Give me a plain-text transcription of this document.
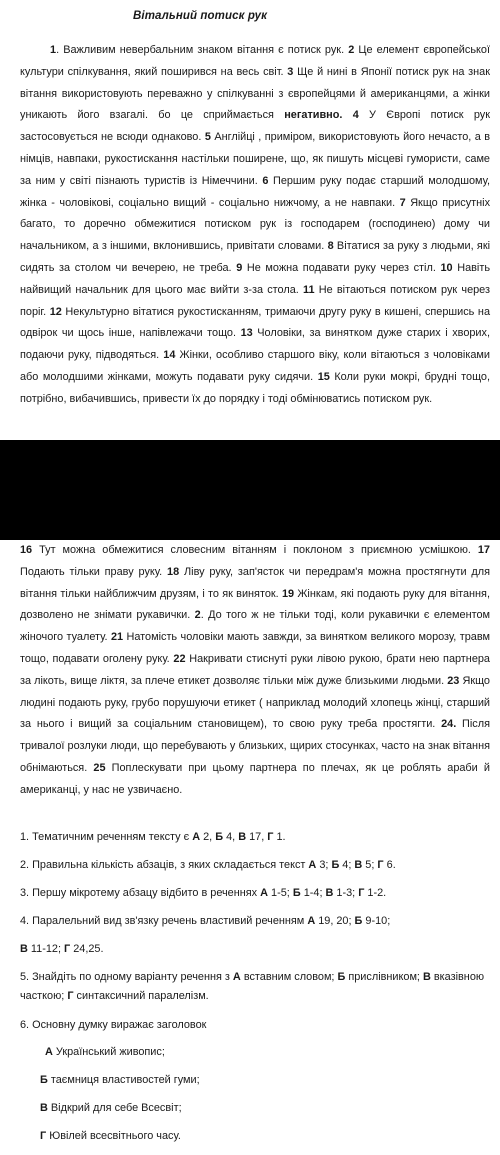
Вітальний потиск рук

1. Важливим невербальним знаком вітання є потиск рук. 2 Це елемент європейської культури спілкування, який поширився на весь світ. 3 Ще й нині в Японії потиск рук на знак вітання використовують переважно у спілкуванні з європейцями й американцями, а жінки уникають його взагалі. бо це сприймається негативно. 4 У Європі потиск рук застосовується не всюди однаково. 5 Англійці , приміром, використовують його нечасто, а в німців, навпаки, рукостискання настільки поширене, що, як пишуть місцеві гумористи, саме за ним у світі пізнають туристів із Німеччини. 6 Першим руку подає старший молодшому, жінка - чоловікові, соціально вищий - соціально нижчому, а не навпаки. 7 Якщо присутніх багато, то доречно обмежитися потиском рук із господарем (господинею) дому чи начальником, а з іншими, вклонившись, привітати словами. 8 Вітатися за руку з людьми, які сидять за столом чи вечерею, не треба. 9 Не можна подавати руку через стіл. 10 Навіть найвищий начальник для цього має вийти з-за стола. 11 Не вітаються потиском рук через поріг. 12 Некультурно вітатися рукостисканням, тримаючи другу руку в кишені, спершись на одвірок чи щось інше, напівлежачи тощо. 13 Чоловіки, за винятком дуже старих і хворих, подаючи руку, підводяться. 14 Жінки, особливо старшого віку, коли вітаються з чоловіками або молодшими жінками, можуть подавати руку сидячи. 15 Коли руки мокрі, брудні тощо, потрібно, вибачившись, привести їх до порядку і тоді обмінюватись потиском рук.

16 Тут можна обмежитися словесним вітанням і поклоном з приємною усмішкою. 17 Подають тільки праву руку. 18 Ліву руку, зап'ясток чи передрам'я можна простягнути для вітання тільки найближчим друзям, і то як виняток. 19 Жінкам, які подають руку для вітання, дозволено не знімати рукавички. 2. До того ж не тільки тоді, коли рукавички є елементом жіночого туалету. 21 Натомість чоловіки мають завжди, за винятком великого морозу, травм тощо, подавати оголену руку. 22 Накривати стиснуті руки лівою рукою, брати нею партнера за лікоть, вище ліктя, за плече етикет дозволяє тільки між дуже близькими людьми. 23 Якщо людині подають руку, грубо порушуючи етикет ( наприклад молодий хлопець жінці, старший за нього і вищий за соціальним становищем), то свою руку треба простягти. 24. Після тривалої розлуки люди, що перебувають у близьких, щирих стосунках, часто на знак вітання обнімаються. 25 Поплескувати при цьому партнера по плечах, як це роблять араби й американці, у нас не узвичаєно.

1. Тематичним реченням тексту є А 2, Б 4, В 17, Г 1.

2. Правильна кількість абзаців, з яких складається текст А 3; Б 4; В 5; Г 6.

3. Першу мікротему абзацу відбито в реченнях А 1-5; Б 1-4; В 1-3; Г 1-2.

4. Паралельний вид зв'язку речень властивий реченням А 19, 20; Б 9-10;

В 11-12; Г 24,25.

5. Знайдіть по одному варіанту речення з А вставним словом; Б прислівником; В вказівною часткою; Г синтаксичний паралелізм.

6. Основну думку виражає заголовок

А Український живопис;

Б таємниця властивостей гуми;

В Відкрий для себе Всесвіт;

Г Ювілей всесвітнього часу.
